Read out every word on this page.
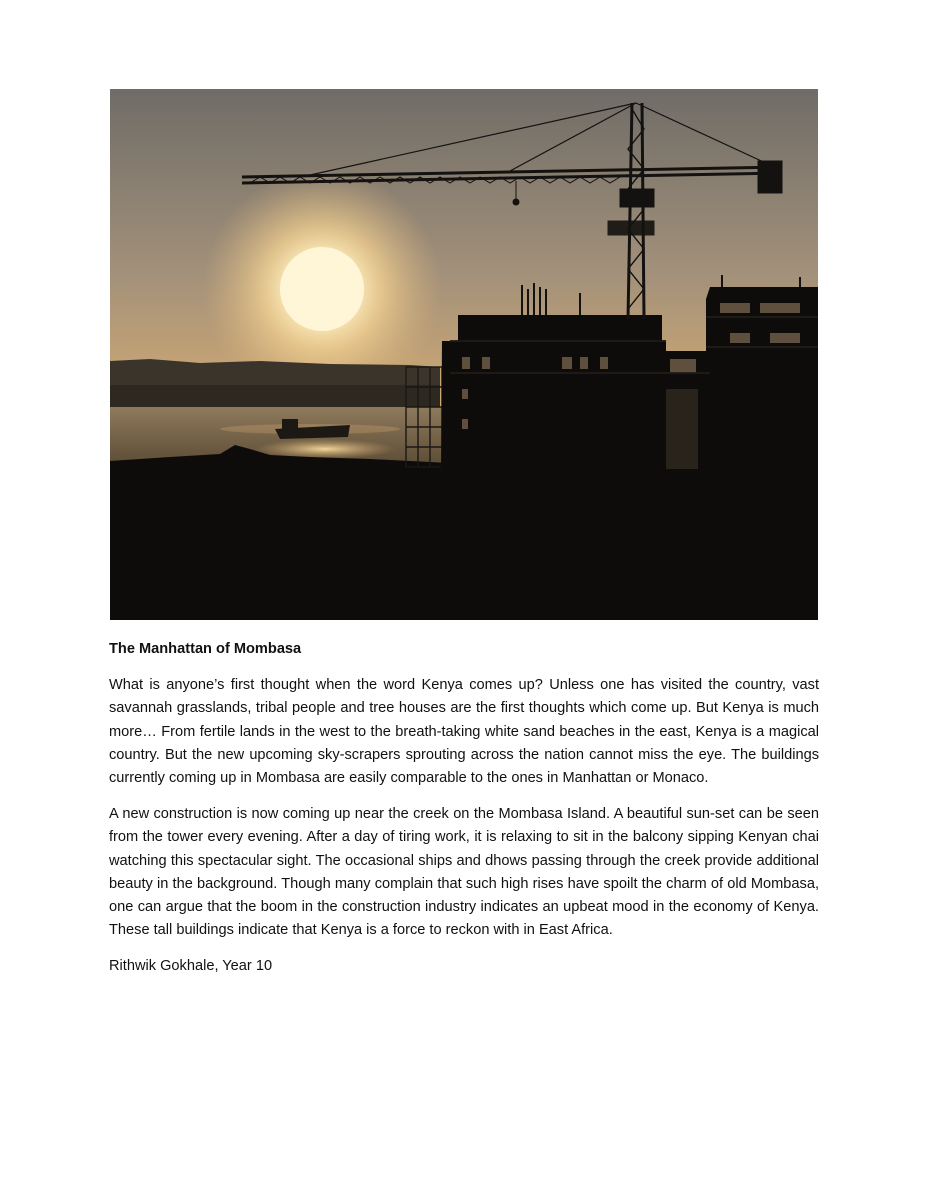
The Manhattan of Mombasa

What is anyone’s first thought when the word Kenya comes up? Unless one has visited the country, vast savannah grasslands, tribal people and tree houses are the first thoughts which come up. But Kenya is much more… From fertile lands in the west to the breath-taking white sand beaches in the east, Kenya is a magical country. But the new upcoming sky-scrapers sprouting across the nation cannot miss the eye. The buildings currently coming up in Mombasa are easily comparable to the ones in Manhattan or Monaco.

A new construction is now coming up near the creek on the Mombasa Island. A beautiful sun-set can be seen from the tower every evening. After a day of tiring work, it is relaxing to sit in the balcony sipping Kenyan chai watching this spectacular sight. The occasional ships and dhows passing through the creek provide additional beauty in the background. Though many complain that such high rises have spoilt the charm of old Mombasa, one can argue that the boom in the construction industry indicates an upbeat mood in the economy of Kenya. These tall buildings indicate that Kenya is a force to reckon with in East Africa.

Rithwik Gokhale, Year 10
